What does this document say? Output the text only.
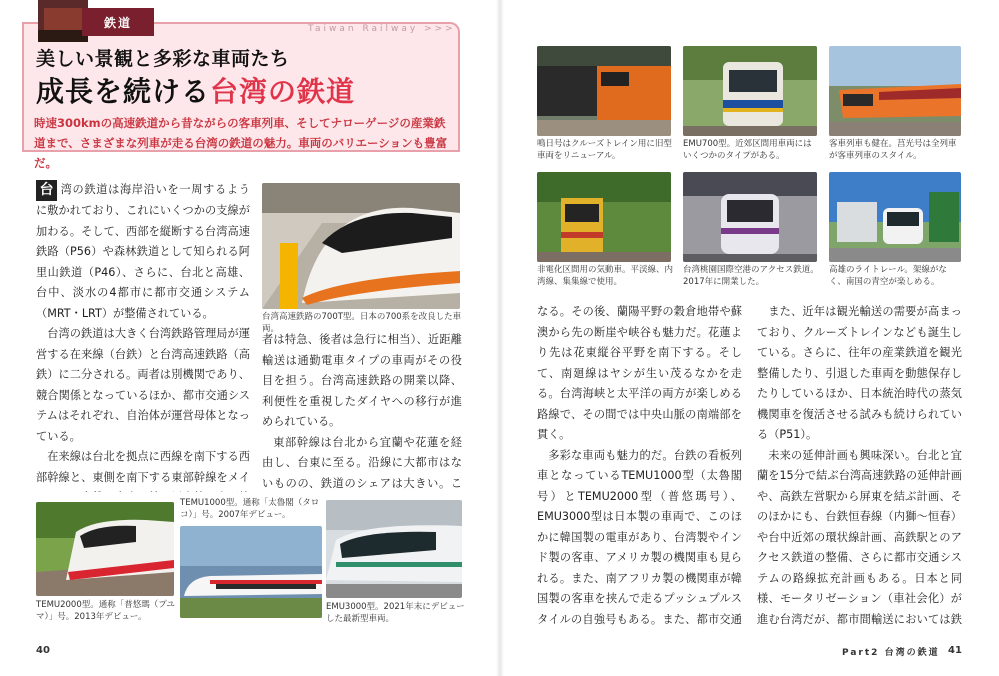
鉄道	Taiwan Railway >>>
美しい景観と多彩な車両たち
成長を続ける台湾の鉄道
時速300kmの高速鉄道から昔ながらの客車列車、そしてナローゲージの産業鉄道まで、さまざまな列車が走る台湾の鉄道の魅力。車両のバリエーションも豊富だ。

台 湾の鉄道は海岸沿いを一周するように敷かれており、これにいくつかの支線が加わる。そして、西部を縦断する台湾高速鉄路（P56）や森林鉄道として知られる阿里山鉄道（P46）、さらに、台北と高雄、台中、淡水の4都市に都市交通システム（MRT・LRT）が整備されている。

台湾の鉄道は大きく台湾鉄路管理局が運営する在来線（台鉄）と台湾高速鉄路（高鉄）に二分される。両者は別機関であり、競合関係となっているほか、都市交通システムはそれぞれ、自治体が運営母体となっている。

在来線は台北を拠点に西線を南下する西部幹線と、東側を南下する東部幹線をメイ

台湾高速鉄路の700T型。日本の700系を改良した車両。

者は特急、後者は急行に相当）、近距離輸送は通勤電車タイプの車両がその役目を担う。台湾高速鉄路の開業以降、利便性を重視したダイヤへの移行が進められている。

東部幹線は台北から宜蘭や花蓮を経由し、台東に至る。沿線に大都市はないものの、鉄道のシェアは大きい。こ

TEMU2000型。通称「普悠瑪（プユマ）」号。2013年デビュー。
TEMU1000型。通称「太魯閣（タロコ）」号。2007年デビュー。
EMU3000型。2021年末にデビューした最新型車両。
40
鳴日号はクルーズトレイン用に旧型車両をリニューアル。
EMU700型。近郊区間用車両にはいくつかのタイプがある。
客車列車も健在。莒光号は全列車が客車列車のスタイル。
非電化区間用の気動車。平渓線、内湾線、集集線で使用。
台湾桃園国際空港のアクセス鉄道。2017年に開業した。
高雄のライトレール。架線がなく、南国の青空が楽しめる。

なる。その後、蘭陽平野の穀倉地帯や蘇澳から先の断崖や峡谷も魅力だ。花蓮より先は花東縦谷平野を南下する。そして、南廻線はヤシが生い茂るなかを走る。台湾海峡と太平洋の両方が楽しめる路線で、その間では中央山脈の南端部を貫く。

多彩な車両も魅力的だ。台鉄の看板列車となっているTEMU1000型（太魯閣号）とTEMU2000型（普悠瑪号）、EMU3000型は日本製の車両で、このほかに韓国製の電車があり、台湾製やインド製の客車、アメリカ製の機関車も見られる。また、南アフリカ製の機関車が韓国製の客車を挟んで走るプッシュプルスタイルの自強号もある。また、都市交通

また、近年は観光輸送の需要が高まっており、クルーズトレインなども誕生している。さらに、往年の産業鉄道を観光整備したり、引退した車両を動態保存したりしているほか、日本統治時代の蒸気機関車を復活させる試みも続けられている（P51）。

未来の延伸計画も興味深い。台北と宜蘭を15分で結ぶ台湾高速鉄路の延伸計画や、高鉄左営駅から屏東を結ぶ計画、そのほかにも、台鉄恒春線（内獅～恒春）や台中近郊の環状線計画、高鉄駅とのアクセス鉄道の整備、さらに都市交通システムの路線拡充計画もある。日本と同様、モータリゼーション（車社会化）が進む台湾だが、都市間輸送においては鉄

Part2 台湾の鉄道 41
